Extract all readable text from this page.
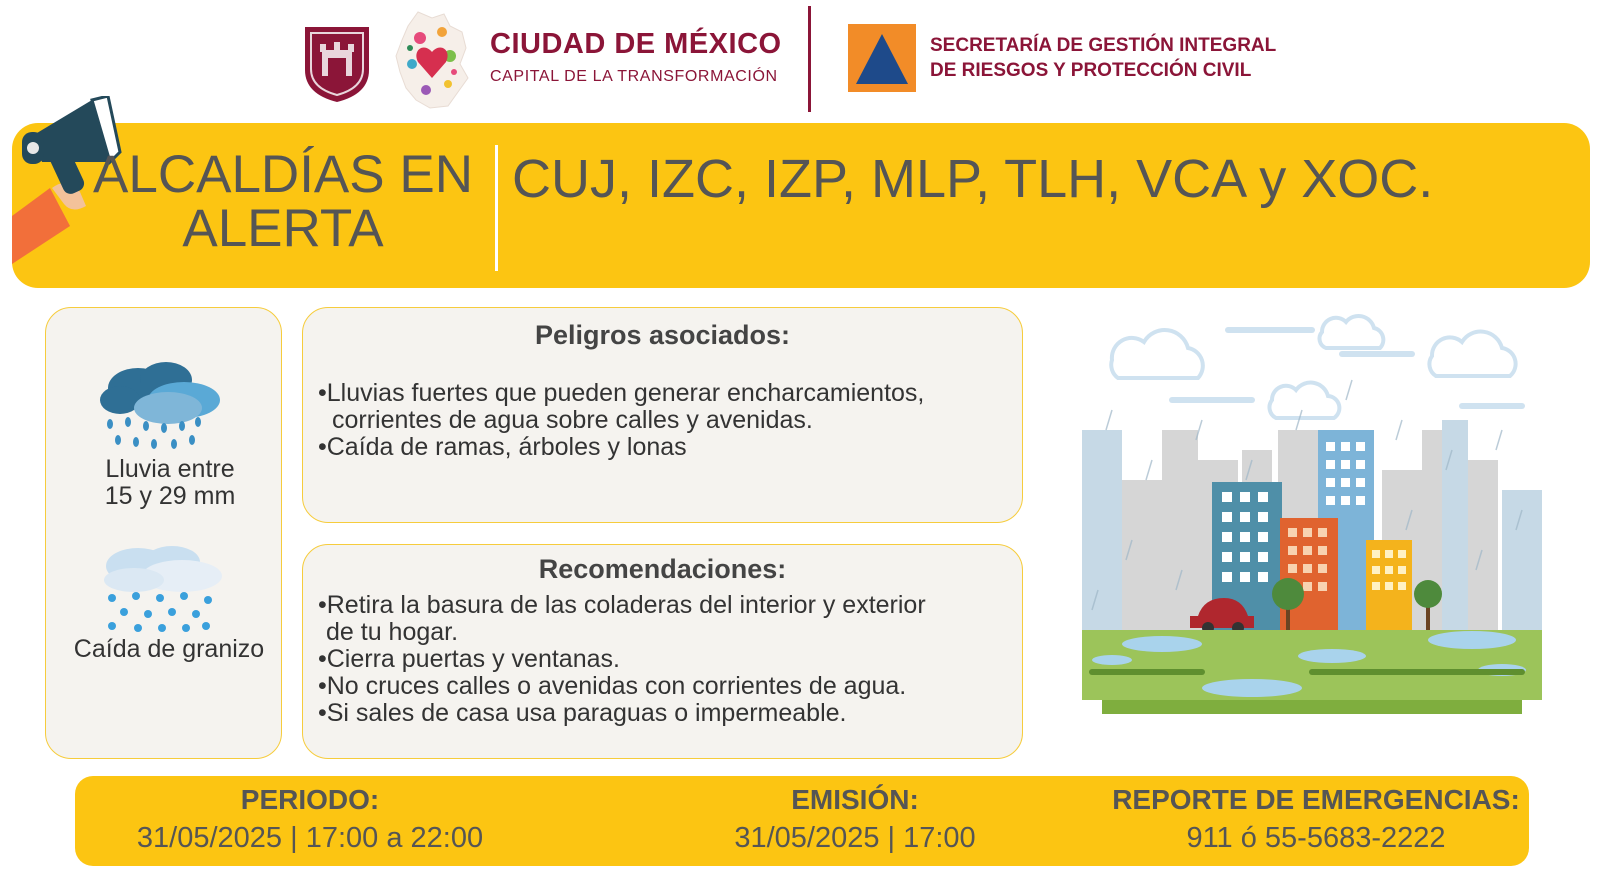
CIUDAD DE MÉXICO
CAPITAL DE LA TRANSFORMACIÓN
SECRETARÍA DE GESTIÓN INTEGRAL
DE RIESGOS Y PROTECCIÓN CIVIL
ALCALDÍAS EN
ALERTA
CUJ, IZC, IZP, MLP, TLH, VCA y XOC.
Lluvia entre
15 y 29 mm
Caída de granizo
Peligros asociados:
•Lluvias fuertes que pueden generar encharcamientos,
corrientes de agua sobre calles y avenidas.
•Caída de ramas, árboles y lonas
Recomendaciones:
•Retira la basura de las coladeras del interior y exterior
de tu hogar.
•Cierra puertas y ventanas.
•No cruces calles o avenidas con corrientes de agua.
•Si sales de casa usa paraguas o impermeable.
PERIODO:
31/05/2025 | 17:00 a 22:00
EMISIÓN:
31/05/2025 | 17:00
REPORTE DE EMERGENCIAS:
911 ó 55-5683-2222
